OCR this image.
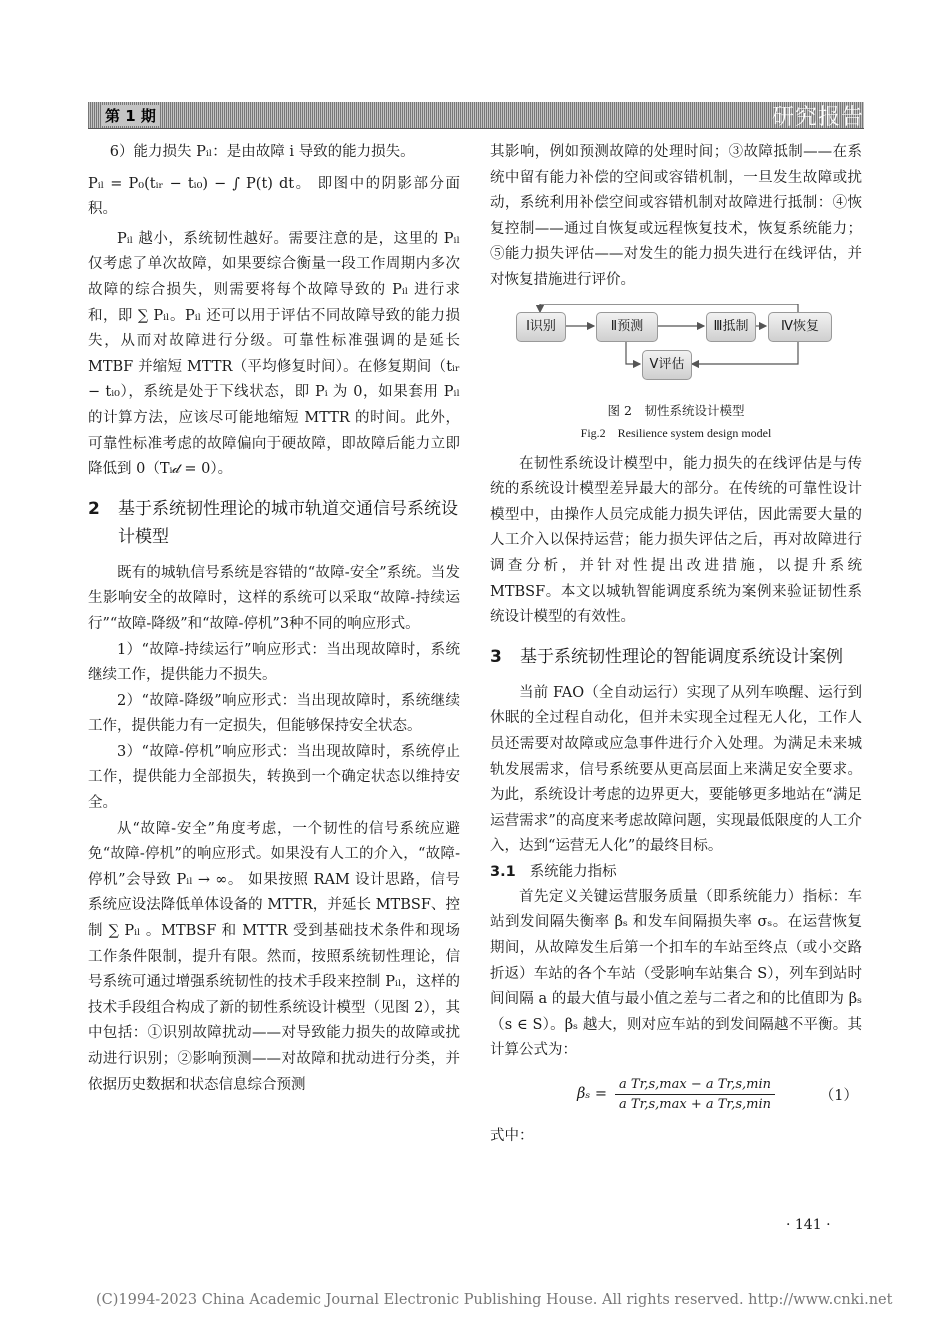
第 1 期	研究报告

6）能力损失 Pᵢₗ：是由故障 i 导致的能力损失。

Pᵢₗ = P₀(tᵢᵣ − tᵢ₀) − ∫ P(t) dt。 即图中的阴影部分面积。

Pᵢₗ 越小，系统韧性越好。需要注意的是，这里的 Pᵢₗ 仅考虑了单次故障，如果要综合衡量一段工作周期内多次故障的综合损失，则需要将每个故障导致的 Pᵢₗ 进行求和，即 ∑ Pᵢₗ。Pᵢₗ 还可以用于评估不同故障导致的能力损失，从而对故障进行分级。可靠性标准强调的是延长 MTBF 并缩短 MTTR（平均修复时间）。在修复期间（tᵢᵣ − tᵢ₀），系统是处于下线状态，即 Pᵢ 为 0，如果套用 Pᵢₗ 的计算方法，应该尽可能地缩短 MTTR 的时间。此外，可靠性标准考虑的故障偏向于硬故障，即故障后能力立即降低到 0（Tᵢ𝒹 = 0）。

2	基于系统韧性理论的城市轨道交通信号系统设计模型

既有的城轨信号系统是容错的“故障-安全”系统。当发生影响安全的故障时，这样的系统可以采取“故障-持续运行”“故障-降级”和“故障-停机”3种不同的响应形式。

1）“故障-持续运行”响应形式：当出现故障时，系统继续工作，提供能力不损失。

2）“故障-降级”响应形式：当出现故障时，系统继续工作，提供能力有一定损失，但能够保持安全状态。

3）“故障-停机”响应形式：当出现故障时，系统停止工作，提供能力全部损失，转换到一个确定状态以维持安全。

从“故障-安全”角度考虑，一个韧性的信号系统应避免“故障-停机”的响应形式。如果没有人工的介入，“故障-停机”会导致 Pᵢₗ → ∞。 如果按照 RAM 设计思路，信号系统应设法降低单体设备的 MTTR，并延长 MTBSF、控制 ∑ Pᵢₗ 。MTBSF 和 MTTR 受到基础技术条件和现场工作条件限制，提升有限。然而，按照系统韧性理论，信号系统可通过增强系统韧性的技术手段来控制 Pᵢₗ，这样的技术手段组合构成了新的韧性系统设计模型（见图 2），其中包括：①识别故障扰动——对导致能力损失的故障或扰动进行识别；②影响预测——对故障和扰动进行分类，并依据历史数据和状态信息综合预测

其影响，例如预测故障的处理时间；③故障抵制——在系统中留有能力补偿的空间或容错机制，一旦发生故障或扰动，系统利用补偿空间或容错机制对故障进行抵制：④恢复控制——通过自恢复或远程恢复技术，恢复系统能力；⑤能力损失评估——对发生的能力损失进行在线评估，并对恢复措施进行评价。

Ⅰ识别	Ⅱ预测	Ⅲ抵制	Ⅳ恢复
Ⅴ评估
图 2　韧性系统设计模型
Fig.2　Resilience system design model

在韧性系统设计模型中，能力损失的在线评估是与传统的系统设计模型差异最大的部分。在传统的可靠性设计模型中，由操作人员完成能力损失评估，因此需要大量的人工介入以保持运营；能力损失评估之后，再对故障进行调查分析，并针对性提出改进措施，以提升系统 MTBSF。本文以城轨智能调度系统为案例来验证韧性系统设计模型的有效性。

3	基于系统韧性理论的智能调度系统设计案例

当前 FAO（全自动运行）实现了从列车唤醒、运行到休眠的全过程自动化，但并未实现全过程无人化，工作人员还需要对故障或应急事件进行介入处理。为满足未来城轨发展需求，信号系统要从更高层面上来满足安全要求。为此，系统设计考虑的边界更大，要能够更多地站在“满足运营需求”的高度来考虑故障问题，实现最低限度的人工介入，达到“运营无人化”的最终目标。

3.1 系统能力指标

首先定义关键运营服务质量（即系统能力）指标：车站到发间隔失衡率 βₛ 和发车间隔损失率 σₛ。在运营恢复期间，从故障发生后第一个扣车的车站至终点（或小交路折返）车站的各个车站（受影响车站集合 S），列车到站时间间隔 a 的最大值与最小值之差与二者之和的比值即为 βₛ（s ∈ S）。βₛ 越大，则对应车站的到发间隔越不平衡。其计算公式为：

$\beta_s = \frac{\text{a Tr,s,max − a Tr,s,min}}{\text{a Tr,s,max + a Tr,s,min}}$	（1）

式中：

· 141 ·
(C)1994-2023 China Academic Journal Electronic Publishing House. All rights reserved. http://www.cnki.net
